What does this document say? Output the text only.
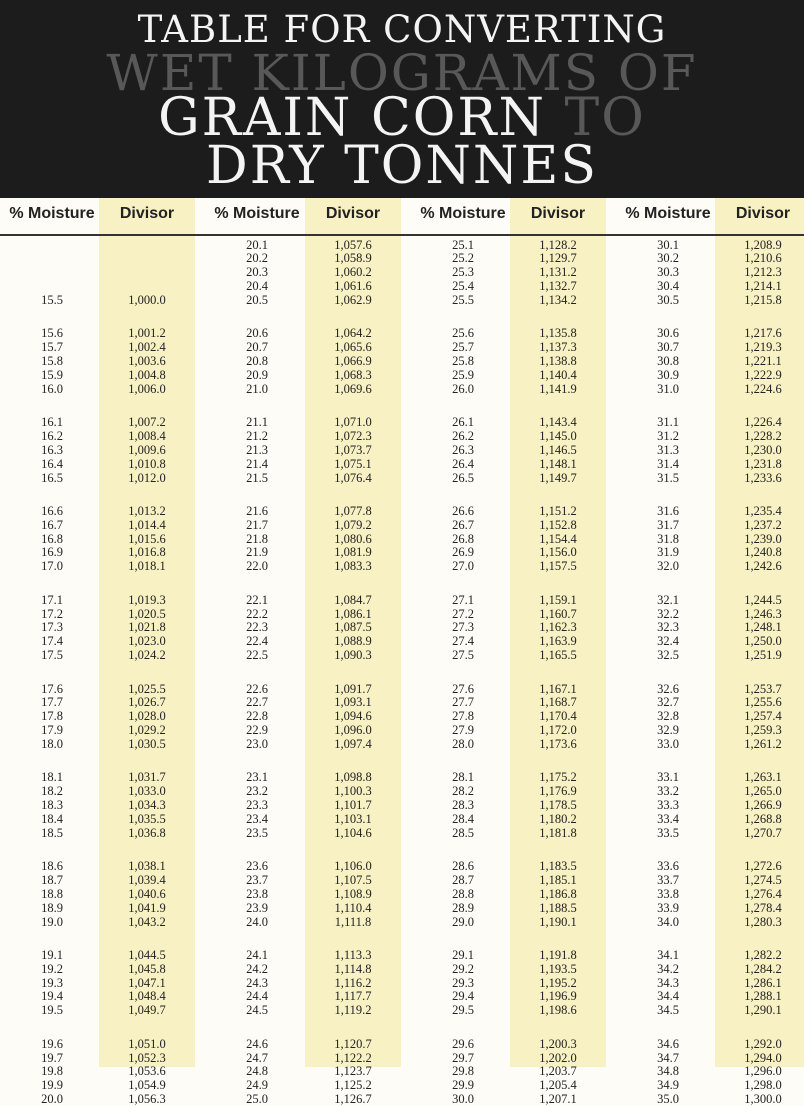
TABLE FOR CONVERTING
WET KILOGRAMS OF
GRAIN CORN TO
DRY TONNES
% Moisture	Divisor
15.5	1,000.0
15.6	1,001.2
15.7	1,002.4
15.8	1,003.6
15.9	1,004.8
16.0	1,006.0
16.1	1,007.2
16.2	1,008.4
16.3	1,009.6
16.4	1,010.8
16.5	1,012.0
16.6	1,013.2
16.7	1,014.4
16.8	1,015.6
16.9	1,016.8
17.0	1,018.1
17.1	1,019.3
17.2	1,020.5
17.3	1,021.8
17.4	1,023.0
17.5	1,024.2
17.6	1,025.5
17.7	1,026.7
17.8	1,028.0
17.9	1,029.2
18.0	1,030.5
18.1	1,031.7
18.2	1,033.0
18.3	1,034.3
18.4	1,035.5
18.5	1,036.8
18.6	1,038.1
18.7	1,039.4
18.8	1,040.6
18.9	1,041.9
19.0	1,043.2
19.1	1,044.5
19.2	1,045.8
19.3	1,047.1
19.4	1,048.4
19.5	1,049.7
19.6	1,051.0
19.7	1,052.3
19.8	1,053.6
19.9	1,054.9
20.0	1,056.3
% Moisture	Divisor
20.1	1,057.6
20.2	1,058.9
20.3	1,060.2
20.4	1,061.6
20.5	1,062.9
20.6	1,064.2
20.7	1,065.6
20.8	1,066.9
20.9	1,068.3
21.0	1,069.6
21.1	1,071.0
21.2	1,072.3
21.3	1,073.7
21.4	1,075.1
21.5	1,076.4
21.6	1,077.8
21.7	1,079.2
21.8	1,080.6
21.9	1,081.9
22.0	1,083.3
22.1	1,084.7
22.2	1,086.1
22.3	1,087.5
22.4	1,088.9
22.5	1,090.3
22.6	1,091.7
22.7	1,093.1
22.8	1,094.6
22.9	1,096.0
23.0	1,097.4
23.1	1,098.8
23.2	1,100.3
23.3	1,101.7
23.4	1,103.1
23.5	1,104.6
23.6	1,106.0
23.7	1,107.5
23.8	1,108.9
23.9	1,110.4
24.0	1,111.8
24.1	1,113.3
24.2	1,114.8
24.3	1,116.2
24.4	1,117.7
24.5	1,119.2
24.6	1,120.7
24.7	1,122.2
24.8	1,123.7
24.9	1,125.2
25.0	1,126.7
% Moisture	Divisor
25.1	1,128.2
25.2	1,129.7
25.3	1,131.2
25.4	1,132.7
25.5	1,134.2
25.6	1,135.8
25.7	1,137.3
25.8	1,138.8
25.9	1,140.4
26.0	1,141.9
26.1	1,143.4
26.2	1,145.0
26.3	1,146.5
26.4	1,148.1
26.5	1,149.7
26.6	1,151.2
26.7	1,152.8
26.8	1,154.4
26.9	1,156.0
27.0	1,157.5
27.1	1,159.1
27.2	1,160.7
27.3	1,162.3
27.4	1,163.9
27.5	1,165.5
27.6	1,167.1
27.7	1,168.7
27.8	1,170.4
27.9	1,172.0
28.0	1,173.6
28.1	1,175.2
28.2	1,176.9
28.3	1,178.5
28.4	1,180.2
28.5	1,181.8
28.6	1,183.5
28.7	1,185.1
28.8	1,186.8
28.9	1,188.5
29.0	1,190.1
29.1	1,191.8
29.2	1,193.5
29.3	1,195.2
29.4	1,196.9
29.5	1,198.6
29.6	1,200.3
29.7	1,202.0
29.8	1,203.7
29.9	1,205.4
30.0	1,207.1
% Moisture	Divisor
30.1	1,208.9
30.2	1,210.6
30.3	1,212.3
30.4	1,214.1
30.5	1,215.8
30.6	1,217.6
30.7	1,219.3
30.8	1,221.1
30.9	1,222.9
31.0	1,224.6
31.1	1,226.4
31.2	1,228.2
31.3	1,230.0
31.4	1,231.8
31.5	1,233.6
31.6	1,235.4
31.7	1,237.2
31.8	1,239.0
31.9	1,240.8
32.0	1,242.6
32.1	1,244.5
32.2	1,246.3
32.3	1,248.1
32.4	1,250.0
32.5	1,251.9
32.6	1,253.7
32.7	1,255.6
32.8	1,257.4
32.9	1,259.3
33.0	1,261.2
33.1	1,263.1
33.2	1,265.0
33.3	1,266.9
33.4	1,268.8
33.5	1,270.7
33.6	1,272.6
33.7	1,274.5
33.8	1,276.4
33.9	1,278.4
34.0	1,280.3
34.1	1,282.2
34.2	1,284.2
34.3	1,286.1
34.4	1,288.1
34.5	1,290.1
34.6	1,292.0
34.7	1,294.0
34.8	1,296.0
34.9	1,298.0
35.0	1,300.0
